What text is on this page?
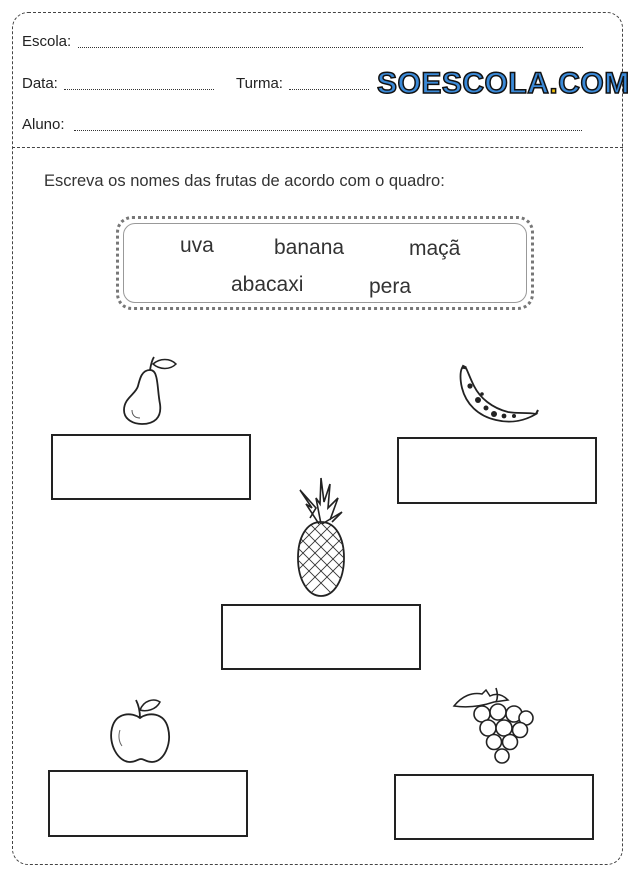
Escola:
Data:	Turma:	SOESCOLA.COM
Aluno:
Escreva os nomes das frutas de acordo com o quadro:
uva	banana	maçã
abacaxi	pera
